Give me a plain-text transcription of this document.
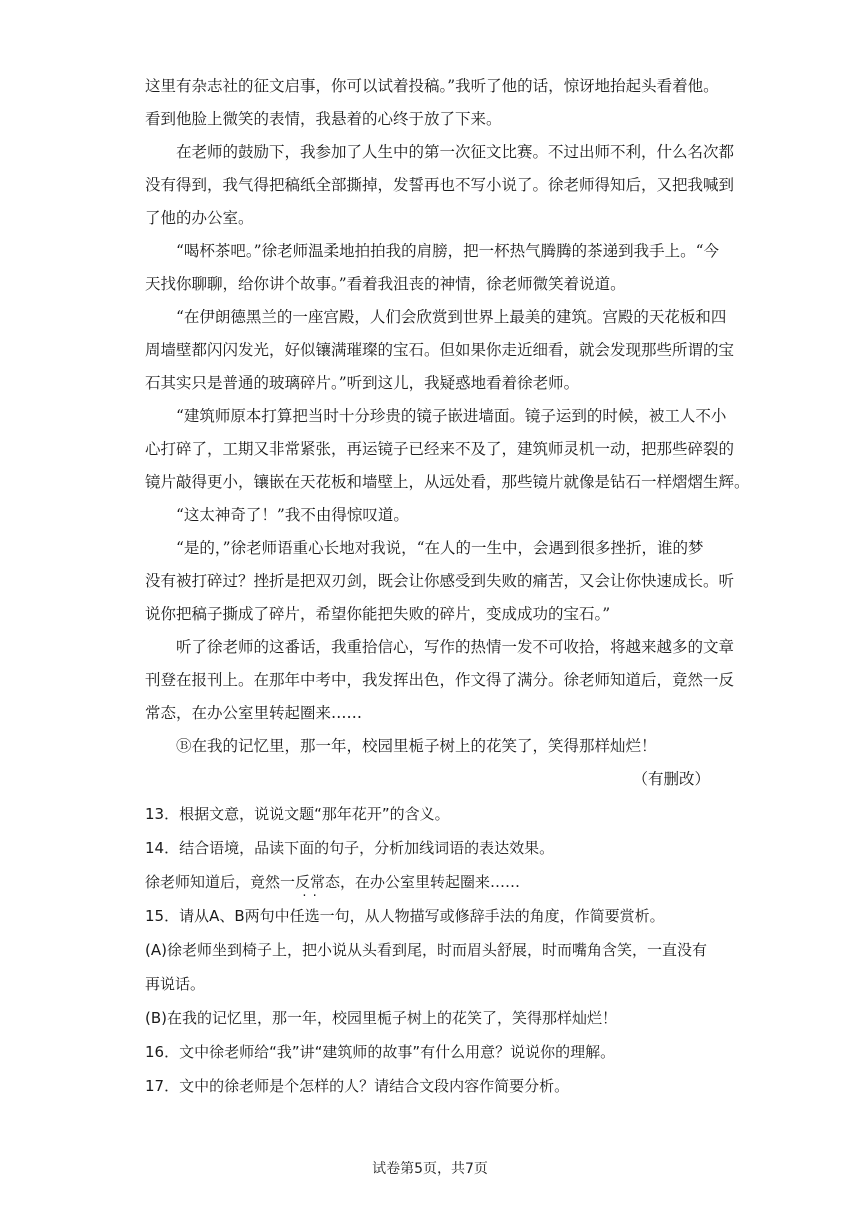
这里有杂志社的征文启事，你可以试着投稿。”我听了他的话，惊讶地抬起头看着他。
看到他脸上微笑的表情，我悬着的心终于放了下来。
在老师的鼓励下，我参加了人生中的第一次征文比赛。不过出师不利，什么名次都
没有得到，我气得把稿纸全部撕掉，发誓再也不写小说了。徐老师得知后，又把我喊到
了他的办公室。
“喝杯茶吧。”徐老师温柔地拍拍我的肩膀，把一杯热气腾腾的茶递到我手上。“今
天找你聊聊，给你讲个故事。”看着我沮丧的神情，徐老师微笑着说道。
“在伊朗德黑兰的一座宫殿，人们会欣赏到世界上最美的建筑。宫殿的天花板和四
周墙壁都闪闪发光，好似镶满璀璨的宝石。但如果你走近细看，就会发现那些所谓的宝
石其实只是普通的玻璃碎片。”听到这儿，我疑惑地看着徐老师。
“建筑师原本打算把当时十分珍贵的镜子嵌进墙面。镜子运到的时候，被工人不小
心打碎了，工期又非常紧张，再运镜子已经来不及了，建筑师灵机一动，把那些碎裂的
镜片敲得更小，镶嵌在天花板和墙壁上，从远处看，那些镜片就像是钻石一样熠熠生辉。
“这太神奇了！”我不由得惊叹道。
“是的，”徐老师语重心长地对我说，“在人的一生中，会遇到很多挫折，谁的梦
没有被打碎过？挫折是把双刃剑，既会让你感受到失败的痛苦，又会让你快速成长。听
说你把稿子撕成了碎片，希望你能把失败的碎片，变成成功的宝石。”
听了徐老师的这番话，我重拾信心，写作的热情一发不可收拾，将越来越多的文章
刊登在报刊上。在那年中考中，我发挥出色，作文得了满分。徐老师知道后，竟然一反
常态，在办公室里转起圈来……
Ⓑ在我的记忆里，那一年，校园里栀子树上的花笑了，笑得那样灿烂！
（有删改）
13．根据文意，说说文题“那年花开”的含义。
14．结合语境，品读下面的句子，分析加线词语的表达效果。
徐老师知道后，竟然一反常态 · ·，在办公室里转起圈来……
15．请从A、B两句中任选一句，从人物描写或修辞手法的角度，作简要赏析。
(A)徐老师坐到椅子上，把小说从头看到尾，时而眉头舒展，时而嘴角含笑，一直没有
再说话。
(B)在我的记忆里，那一年，校园里栀子树上的花笑了，笑得那样灿烂！
16．文中徐老师给“我”讲“建筑师的故事”有什么用意？说说你的理解。
17．文中的徐老师是个怎样的人？请结合文段内容作简要分析。
试卷第5页，共7页
